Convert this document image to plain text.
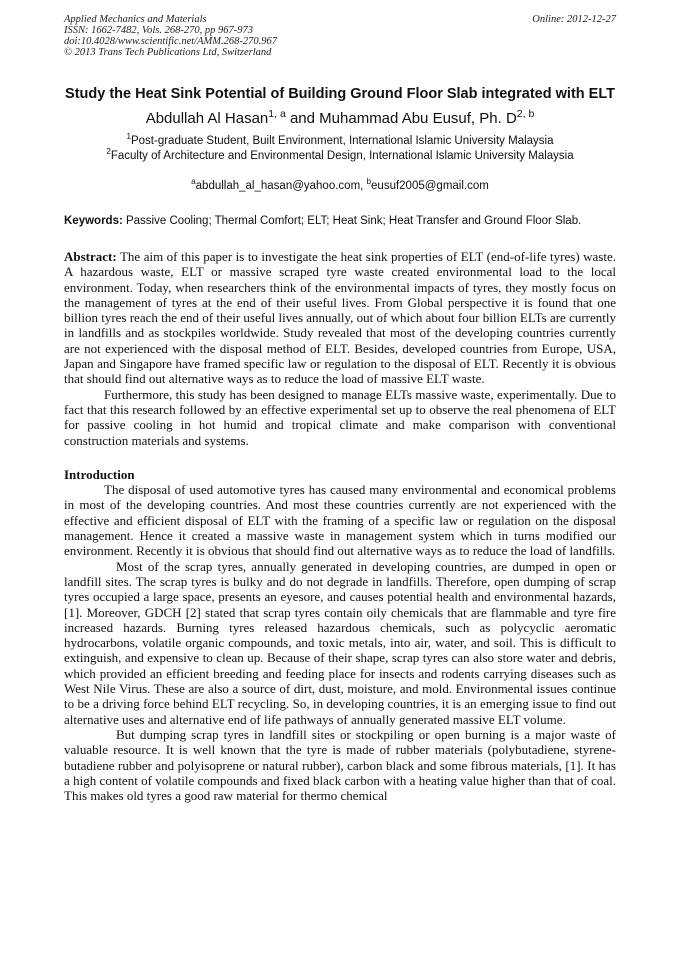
Applied Mechanics and Materials	Online: 2012-12-27
ISSN: 1662-7482, Vols. 268-270, pp 967-973
doi:10.4028/www.scientific.net/AMM.268-270.967
© 2013 Trans Tech Publications Ltd, Switzerland
Study the Heat Sink Potential of Building Ground Floor Slab integrated with ELT
Abdullah Al Hasan$^{1, a}$ and Muhammad Abu Eusuf, Ph. D$^{2, b}$
$^1$Post-graduate Student, Built Environment, International Islamic University Malaysia
$^2$Faculty of Architecture and Environmental Design, International Islamic University Malaysia
$^a$abdullah_al_hasan@yahoo.com, $^b$eusuf2005@gmail.com
Keywords: Passive Cooling; Thermal Comfort; ELT; Heat Sink; Heat Transfer and Ground Floor Slab.
Abstract: The aim of this paper is to investigate the heat sink properties of ELT (end-of-life tyres) waste. A hazardous waste, ELT or massive scraped tyre waste created environmental load to the local environment. Today, when researchers think of the environmental impacts of tyres, they mostly focus on the management of tyres at the end of their useful lives. From Global perspective it is found that one billion tyres reach the end of their useful lives annually, out of which about four billion ELTs are currently in landfills and as stockpiles worldwide. Study revealed that most of the developing countries currently are not experienced with the disposal method of ELT. Besides, developed countries from Europe, USA, Japan and Singapore have framed specific law or regulation to the disposal of ELT. Recently it is obvious that should find out alternative ways as to reduce the load of massive ELT waste.
Furthermore, this study has been designed to manage ELTs massive waste, experimentally. Due to fact that this research followed by an effective experimental set up to observe the real phenomena of ELT for passive cooling in hot humid and tropical climate and make comparison with conventional construction materials and systems.
Introduction
The disposal of used automotive tyres has caused many environmental and economical problems in most of the developing countries. And most these countries currently are not experienced with the effective and efficient disposal of ELT with the framing of a specific law or regulation on the disposal management. Hence it created a massive waste in management system which in turns modified our environment. Recently it is obvious that should find out alternative ways as to reduce the load of landfills.
Most of the scrap tyres, annually generated in developing countries, are dumped in open or landfill sites. The scrap tyres is bulky and do not degrade in landfills. Therefore, open dumping of scrap tyres occupied a large space, presents an eyesore, and causes potential health and environmental hazards, [1]. Moreover, GDCH [2] stated that scrap tyres contain oily chemicals that are flammable and tyre fire increased hazards. Burning tyres released hazardous chemicals, such as polycyclic aeromatic hydrocarbons, volatile organic compounds, and toxic metals, into air, water, and soil. This is difficult to extinguish, and expensive to clean up. Because of their shape, scrap tyres can also store water and debris, which provided an efficient breeding and feeding place for insects and rodents carrying diseases such as West Nile Virus. These are also a source of dirt, dust, moisture, and mold. Environmental issues continue to be a driving force behind ELT recycling. So, in developing countries, it is an emerging issue to find out alternative uses and alternative end of life pathways of annually generated massive ELT volume.
But dumping scrap tyres in landfill sites or stockpiling or open burning is a major waste of valuable resource. It is well known that the tyre is made of rubber materials (polybutadiene, styrene-butadiene rubber and polyisoprene or natural rubber), carbon black and some fibrous materials, [1]. It has a high content of volatile compounds and fixed black carbon with a heating value higher than that of coal. This makes old tyres a good raw material for thermo chemical
